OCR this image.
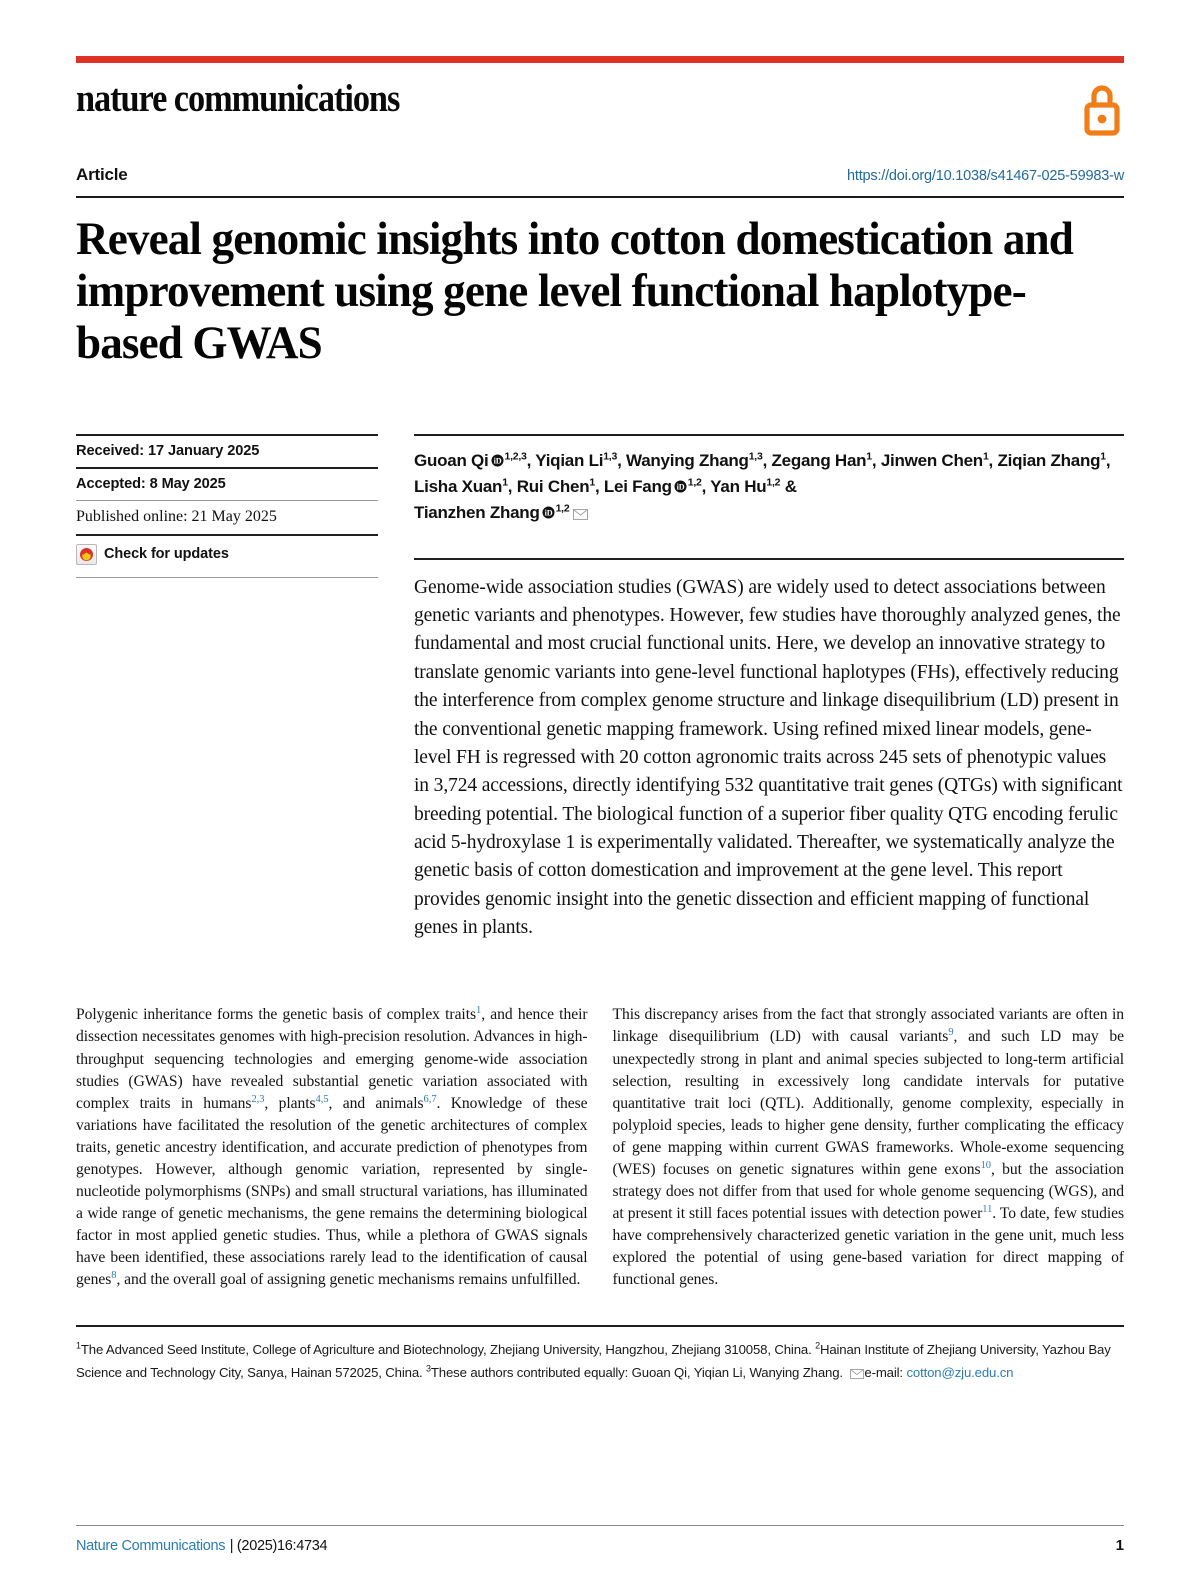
nature communications
Article	https://doi.org/10.1038/s41467-025-59983-w
Reveal genomic insights into cotton domestication and improvement using gene level functional haplotype-based GWAS
Received: 17 January 2025
Accepted: 8 May 2025
Published online: 21 May 2025
Check for updates
Guoan Qi iD $^{1,2,3}$, Yiqian Li$^{1,3}$, Wanying Zhang$^{1,3}$, Zegang Han$^1$, Jinwen Chen$^1$, Ziqian Zhang$^1$, Lisha Xuan$^1$, Rui Chen$^1$, Lei Fang iD $^{1,2}$, Yan Hu$^{1,2}$ &
Tianzhen Zhang iD $^{1,2}$
Genome-wide association studies (GWAS) are widely used to detect associations between genetic variants and phenotypes. However, few studies have thoroughly analyzed genes, the fundamental and most crucial functional units. Here, we develop an innovative strategy to translate genomic variants into gene-level functional haplotypes (FHs), effectively reducing the interference from complex genome structure and linkage disequilibrium (LD) present in the conventional genetic mapping framework. Using refined mixed linear models, gene-level FH is regressed with 20 cotton agronomic traits across 245 sets of phenotypic values in 3,724 accessions, directly identifying 532 quantitative trait genes (QTGs) with significant breeding potential. The biological function of a superior fiber quality QTG encoding ferulic acid 5-hydroxylase 1 is experimentally validated. Thereafter, we systematically analyze the genetic basis of cotton domestication and improvement at the gene level. This report provides genomic insight into the genetic dissection and efficient mapping of functional genes in plants.

Polygenic inheritance forms the genetic basis of complex traits$^1$, and hence their dissection necessitates genomes with high-precision resolution. Advances in high-throughput sequencing technologies and emerging genome-wide association studies (GWAS) have revealed substantial genetic variation associated with complex traits in humans$^{2,3}$, plants$^{4,5}$, and animals$^{6,7}$. Knowledge of these variations have facilitated the resolution of the genetic architectures of complex traits, genetic ancestry identification, and accurate prediction of phenotypes from genotypes. However, although genomic variation, represented by single-nucleotide polymorphisms (SNPs) and small structural variations, has illuminated a wide range of genetic mechanisms, the gene remains the determining biological factor in most applied genetic studies. Thus, while a plethora of GWAS signals have been identified, these associations rarely lead to the identification of causal genes$^8$, and the overall goal of assigning genetic mechanisms remains unfulfilled.

This discrepancy arises from the fact that strongly associated variants are often in linkage disequilibrium (LD) with causal variants$^9$, and such LD may be unexpectedly strong in plant and animal species subjected to long-term artificial selection, resulting in excessively long candidate intervals for putative quantitative trait loci (QTL). Additionally, genome complexity, especially in polyploid species, leads to higher gene density, further complicating the efficacy of gene mapping within current GWAS frameworks. Whole-exome sequencing (WES) focuses on genetic signatures within gene exons$^{10}$, but the association strategy does not differ from that used for whole genome sequencing (WGS), and at present it still faces potential issues with detection power$^{11}$. To date, few studies have comprehensively characterized genetic variation in the gene unit, much less explored the potential of using gene-based variation for direct mapping of functional genes.

$^1$The Advanced Seed Institute, College of Agriculture and Biotechnology, Zhejiang University, Hangzhou, Zhejiang 310058, China. $^2$Hainan Institute of Zhejiang University, Yazhou Bay Science and Technology City, Sanya, Hainan 572025, China. $^3$These authors contributed equally: Guoan Qi, Yiqian Li, Wanying Zhang. e-mail: cotton@zju.edu.cn
Nature Communications | (2025)16:4734	1
